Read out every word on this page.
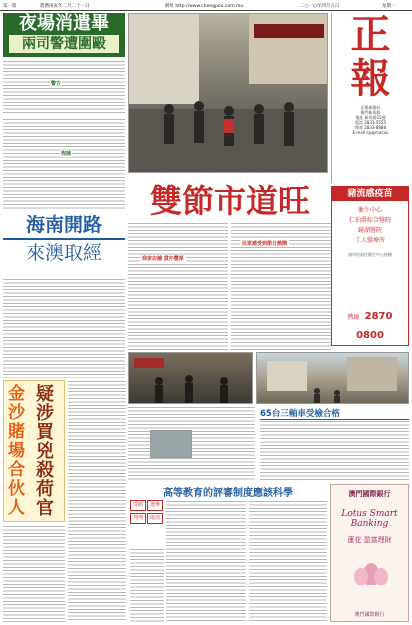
第一版	農曆庚寅年二月二十一日	網址 http://www.chengpou.com.mo	二○一○年四月五日	星期一
夜場消遣畢
兩司警遭圍毆
警方
拘捕
海南開路
來澳取經
正
報
正報新聞社
澳門新馬路
地址 新馬路15號
電話 2833-5555
傳真 2833-8888
E-mail cp@macau
雙節市道旺
商家店舖 貨亦豐厚
民眾感受到節日熱鬧
豬流感疫苗
衞生中心
仁伯爵綜合醫院
鏡湖醫院
工人醫療所
請市民前往衞生中心接種
熱線 2870 0800
金沙賭場合伙人
疑涉買兇殺荷官
65台三軸車受檢合格
高等教育的評審制度應該科學
受賄	選舉
判刑	取消
澳門國際銀行
Lotus Smart Banking
蓮花 盈富理財
澳門國際銀行
